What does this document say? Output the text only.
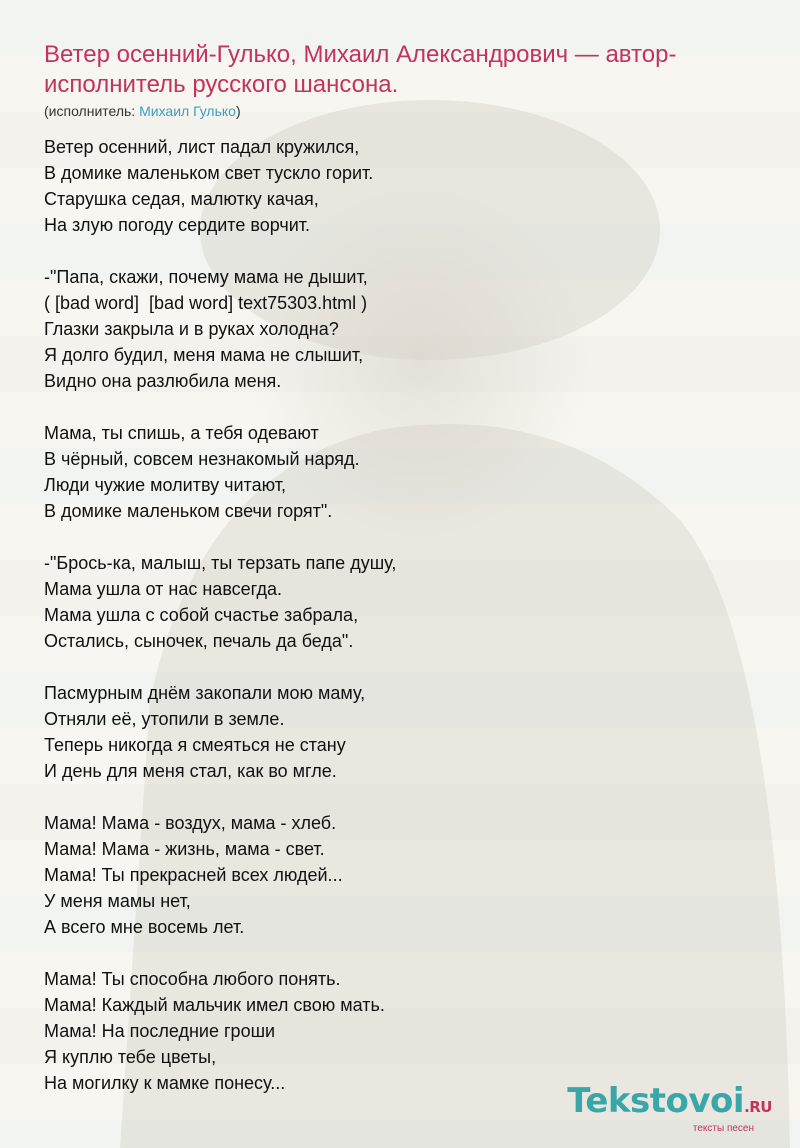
Ветер осенний-Гулько, Михаил Александрович — автор-исполнитель русского шансона.
(исполнитель: Михаил Гулько)
Ветер осенний, лист падал кружился,
В домике маленьком свет тускло горит.
Старушка седая, малютку качая,
На злую погоду сердите ворчит.
-"Папа, скажи, почему мама не дышит,
( [bad word]  [bad word] text75303.html )
Глазки закрыла и в руках холодна?
Я долго будил, меня мама не слышит,
Видно она разлюбила меня.
Мама, ты спишь, а тебя одевают
В чёрный, совсем незнакомый наряд.
Люди чужие молитву читают,
В домике маленьком свечи горят".
-"Брось-ка, малыш, ты терзать папе душу,
Мама ушла от нас навсегда.
Мама ушла с собой счастье забрала,
Остались, сыночек, печаль да беда".
Пасмурным днём закопали мою маму,
Отняли её, утопили в земле.
Теперь никогда я смеяться не стану
И день для меня стал, как во мгле.
Мама! Мама - воздух, мама - хлеб.
Мама! Мама - жизнь, мама - свет.
Мама! Ты прекрасней всех людей...
У меня мамы нет,
А всего мне восемь лет.
Мама! Ты способна любого понять.
Мама! Каждый мальчик имел свою мать.
Мама! На последние гроши
Я куплю тебе цветы,
На могилку к мамке понесу...	Tekstovoi.RU
тексты песен
